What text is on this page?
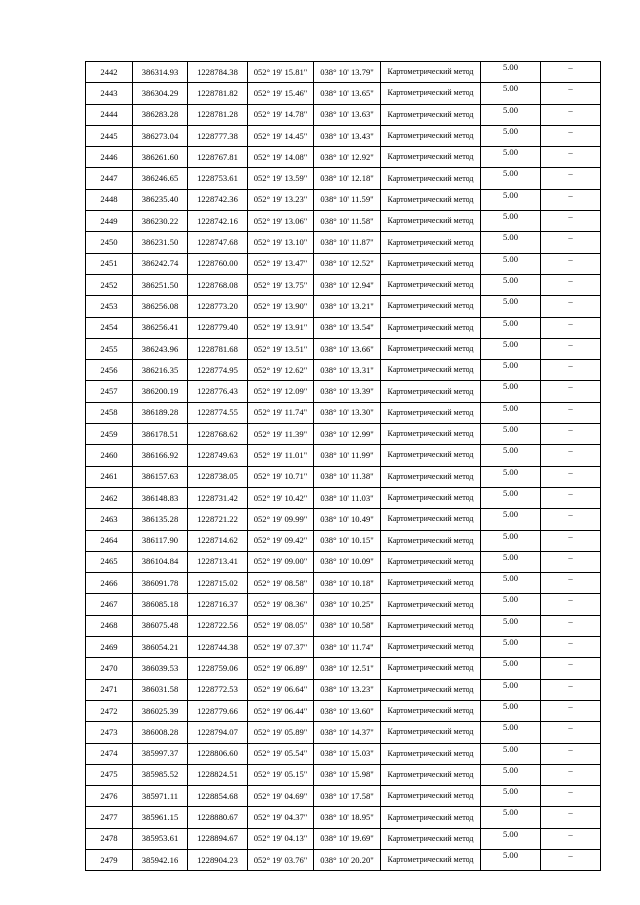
2442	386314.93	1228784.38	052° 19' 15.81"	038° 10' 13.79"	Картометрический метод	5.00	–
2443	386304.29	1228781.82	052° 19' 15.46"	038° 10' 13.65"	Картометрический метод	5.00	–
2444	386283.28	1228781.28	052° 19' 14.78"	038° 10' 13.63"	Картометрический метод	5.00	–
2445	386273.04	1228777.38	052° 19' 14.45"	038° 10' 13.43"	Картометрический метод	5.00	–
2446	386261.60	1228767.81	052° 19' 14.08"	038° 10' 12.92"	Картометрический метод	5.00	–
2447	386246.65	1228753.61	052° 19' 13.59"	038° 10' 12.18"	Картометрический метод	5.00	–
2448	386235.40	1228742.36	052° 19' 13.23"	038° 10' 11.59"	Картометрический метод	5.00	–
2449	386230.22	1228742.16	052° 19' 13.06"	038° 10' 11.58"	Картометрический метод	5.00	–
2450	386231.50	1228747.68	052° 19' 13.10"	038° 10' 11.87"	Картометрический метод	5.00	–
2451	386242.74	1228760.00	052° 19' 13.47"	038° 10' 12.52"	Картометрический метод	5.00	–
2452	386251.50	1228768.08	052° 19' 13.75"	038° 10' 12.94"	Картометрический метод	5.00	–
2453	386256.08	1228773.20	052° 19' 13.90"	038° 10' 13.21"	Картометрический метод	5.00	–
2454	386256.41	1228779.40	052° 19' 13.91"	038° 10' 13.54"	Картометрический метод	5.00	–
2455	386243.96	1228781.68	052° 19' 13.51"	038° 10' 13.66"	Картометрический метод	5.00	–
2456	386216.35	1228774.95	052° 19' 12.62"	038° 10' 13.31"	Картометрический метод	5.00	–
2457	386200.19	1228776.43	052° 19' 12.09"	038° 10' 13.39"	Картометрический метод	5.00	–
2458	386189.28	1228774.55	052° 19' 11.74"	038° 10' 13.30"	Картометрический метод	5.00	–
2459	386178.51	1228768.62	052° 19' 11.39"	038° 10' 12.99"	Картометрический метод	5.00	–
2460	386166.92	1228749.63	052° 19' 11.01"	038° 10' 11.99"	Картометрический метод	5.00	–
2461	386157.63	1228738.05	052° 19' 10.71"	038° 10' 11.38"	Картометрический метод	5.00	–
2462	386148.83	1228731.42	052° 19' 10.42"	038° 10' 11.03"	Картометрический метод	5.00	–
2463	386135.28	1228721.22	052° 19' 09.99"	038° 10' 10.49"	Картометрический метод	5.00	–
2464	386117.90	1228714.62	052° 19' 09.42"	038° 10' 10.15"	Картометрический метод	5.00	–
2465	386104.84	1228713.41	052° 19' 09.00"	038° 10' 10.09"	Картометрический метод	5.00	–
2466	386091.78	1228715.02	052° 19' 08.58"	038° 10' 10.18"	Картометрический метод	5.00	–
2467	386085.18	1228716.37	052° 19' 08.36"	038° 10' 10.25"	Картометрический метод	5.00	–
2468	386075.48	1228722.56	052° 19' 08.05"	038° 10' 10.58"	Картометрический метод	5.00	–
2469	386054.21	1228744.38	052° 19' 07.37"	038° 10' 11.74"	Картометрический метод	5.00	–
2470	386039.53	1228759.06	052° 19' 06.89"	038° 10' 12.51"	Картометрический метод	5.00	–
2471	386031.58	1228772.53	052° 19' 06.64"	038° 10' 13.23"	Картометрический метод	5.00	–
2472	386025.39	1228779.66	052° 19' 06.44"	038° 10' 13.60"	Картометрический метод	5.00	–
2473	386008.28	1228794.07	052° 19' 05.89"	038° 10' 14.37"	Картометрический метод	5.00	–
2474	385997.37	1228806.60	052° 19' 05.54"	038° 10' 15.03"	Картометрический метод	5.00	–
2475	385985.52	1228824.51	052° 19' 05.15"	038° 10' 15.98"	Картометрический метод	5.00	–
2476	385971.11	1228854.68	052° 19' 04.69"	038° 10' 17.58"	Картометрический метод	5.00	–
2477	385961.15	1228880.67	052° 19' 04.37"	038° 10' 18.95"	Картометрический метод	5.00	–
2478	385953.61	1228894.67	052° 19' 04.13"	038° 10' 19.69"	Картометрический метод	5.00	–
2479	385942.16	1228904.23	052° 19' 03.76"	038° 10' 20.20"	Картометрический метод	5.00	–
